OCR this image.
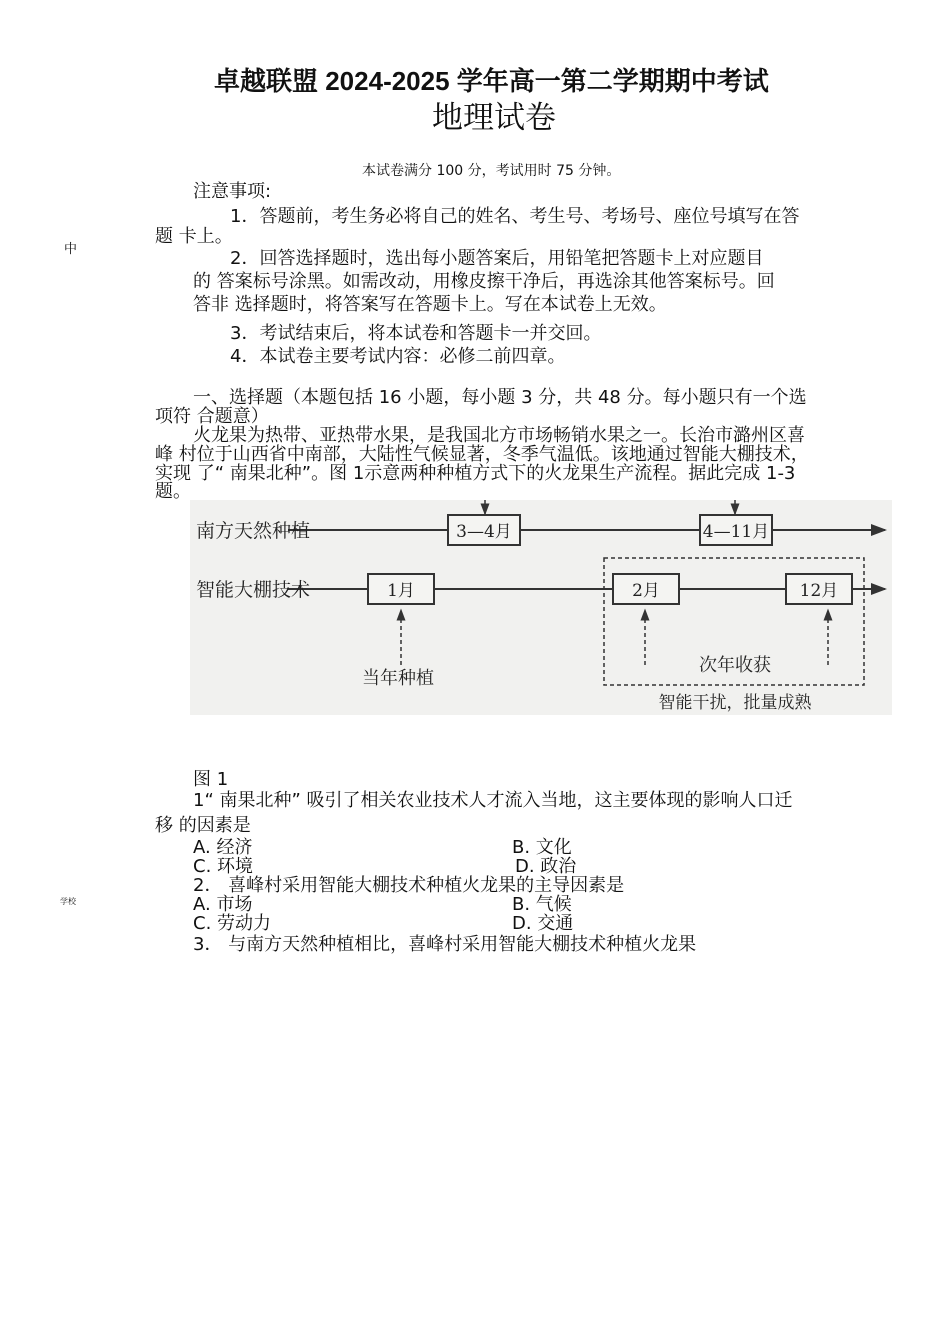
卓越联盟 2024-2025 学年高一第二学期期中考试
地理试卷
本试卷满分 100 分，考试用时 75 分钟。
中
学校
注意事项:
1．答题前，考生务必将自己的姓名、考生号、考场号、座位号填写在答
题 卡上。
2．回答选择题时，选出每小题答案后，用铅笔把答题卡上对应题目
的 答案标号涂黑。如需改动，用橡皮擦干净后，再选涂其他答案标号。回
答非 选择题时，将答案写在答题卡上。写在本试卷上无效。
3．考试结束后，将本试卷和答题卡一并交回。
4．本试卷主要考试内容：必修二前四章。
一、选择题（本题包括 16 小题，每小题 3 分，共 48 分。每小题只有一个选
项符 合题意）
火龙果为热带、亚热带水果，是我国北方市场畅销水果之一。长治市潞州区喜
峰 村位于山西省中南部，大陆性气候显著，冬季气温低。该地通过智能大棚技术，
实现 了“ 南果北种”。图 1示意两种种植方式下的火龙果生产流程。据此完成 1-3
题。
南方天然种植
智能大棚技术
3—4月	4—11月
1月	2月	12月
当年种植
次年收获
智能干扰，批量成熟
图 1
1“ 南果北种” 吸引了相关农业技术人才流入当地，这主要体现的影响人口迁
移 的因素是
A. 经济	B. 文化
C. 环境	D. 政治
2． 喜峰村采用智能大棚技术种植火龙果的主导因素是
A. 市场	B. 气候
C. 劳动力	D. 交通
3． 与南方天然种植相比，喜峰村采用智能大棚技术种植火龙果
